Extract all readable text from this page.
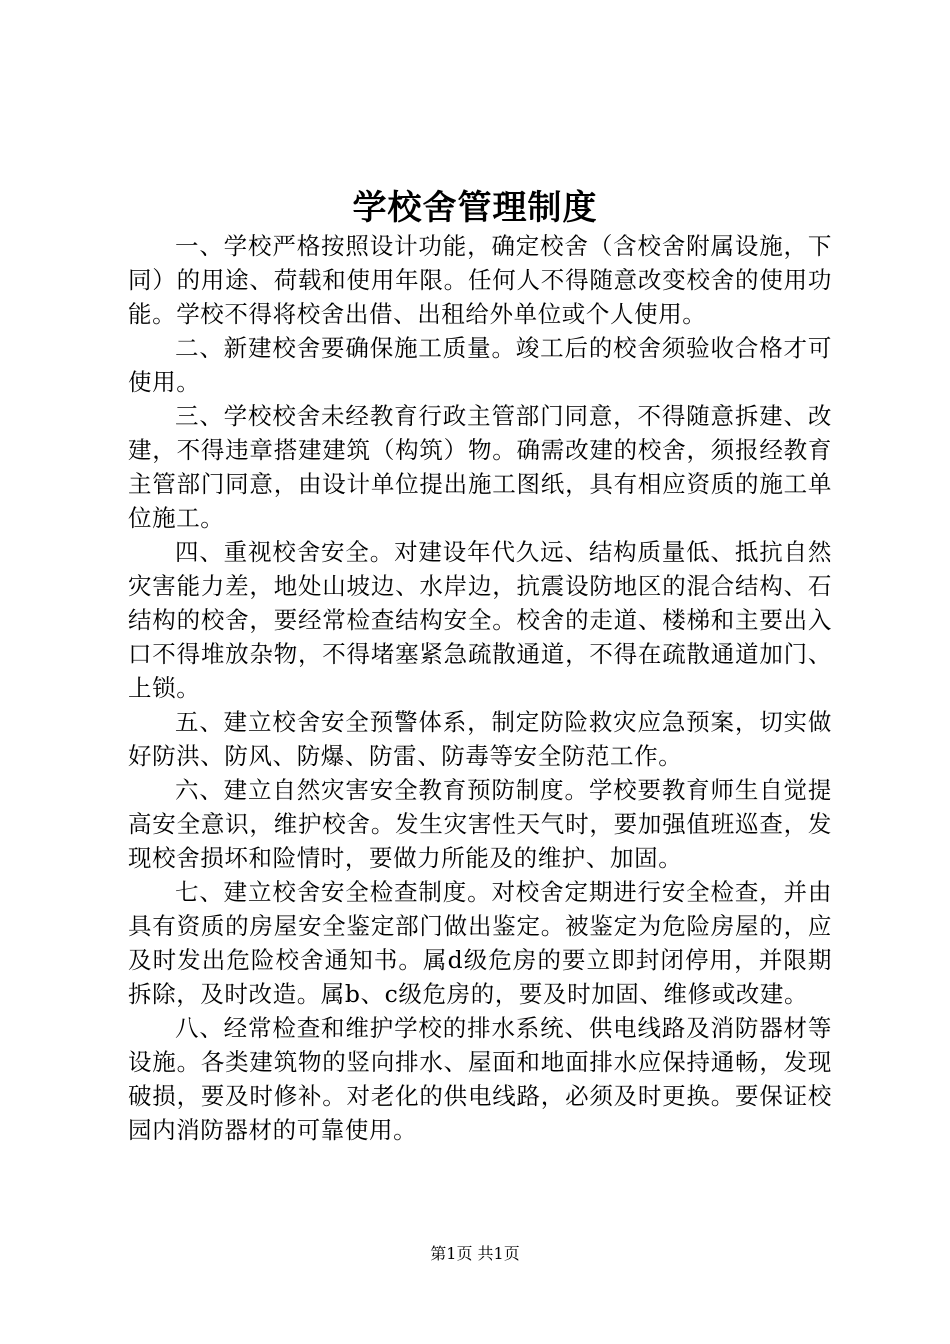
学校舍管理制度

一、学校严格按照设计功能，确定校舍（含校舍附属设施，下同）的用途、荷载和使用年限。任何人不得随意改变校舍的使用功能。学校不得将校舍出借、出租给外单位或个人使用。

二、新建校舍要确保施工质量。竣工后的校舍须验收合格才可使用。

三、学校校舍未经教育行政主管部门同意，不得随意拆建、改建，不得违章搭建建筑（构筑）物。确需改建的校舍，须报经教育主管部门同意，由设计单位提出施工图纸，具有相应资质的施工单位施工。

四、重视校舍安全。对建设年代久远、结构质量低、抵抗自然灾害能力差，地处山坡边、水岸边，抗震设防地区的混合结构、石结构的校舍，要经常检查结构安全。校舍的走道、楼梯和主要出入口不得堆放杂物，不得堵塞紧急疏散通道，不得在疏散通道加门、上锁。

五、建立校舍安全预警体系，制定防险救灾应急预案，切实做好防洪、防风、防爆、防雷、防毒等安全防范工作。

六、建立自然灾害安全教育预防制度。学校要教育师生自觉提高安全意识，维护校舍。发生灾害性天气时，要加强值班巡查，发现校舍损坏和险情时，要做力所能及的维护、加固。

七、建立校舍安全检查制度。对校舍定期进行安全检查，并由具有资质的房屋安全鉴定部门做出鉴定。被鉴定为危险房屋的，应及时发出危险校舍通知书。属d级危房的要立即封闭停用，并限期拆除，及时改造。属b、c级危房的，要及时加固、维修或改建。

八、经常检查和维护学校的排水系统、供电线路及消防器材等设施。各类建筑物的竖向排水、屋面和地面排水应保持通畅，发现破损，要及时修补。对老化的供电线路，必须及时更换。要保证校园内消防器材的可靠使用。

第1页 共1页
